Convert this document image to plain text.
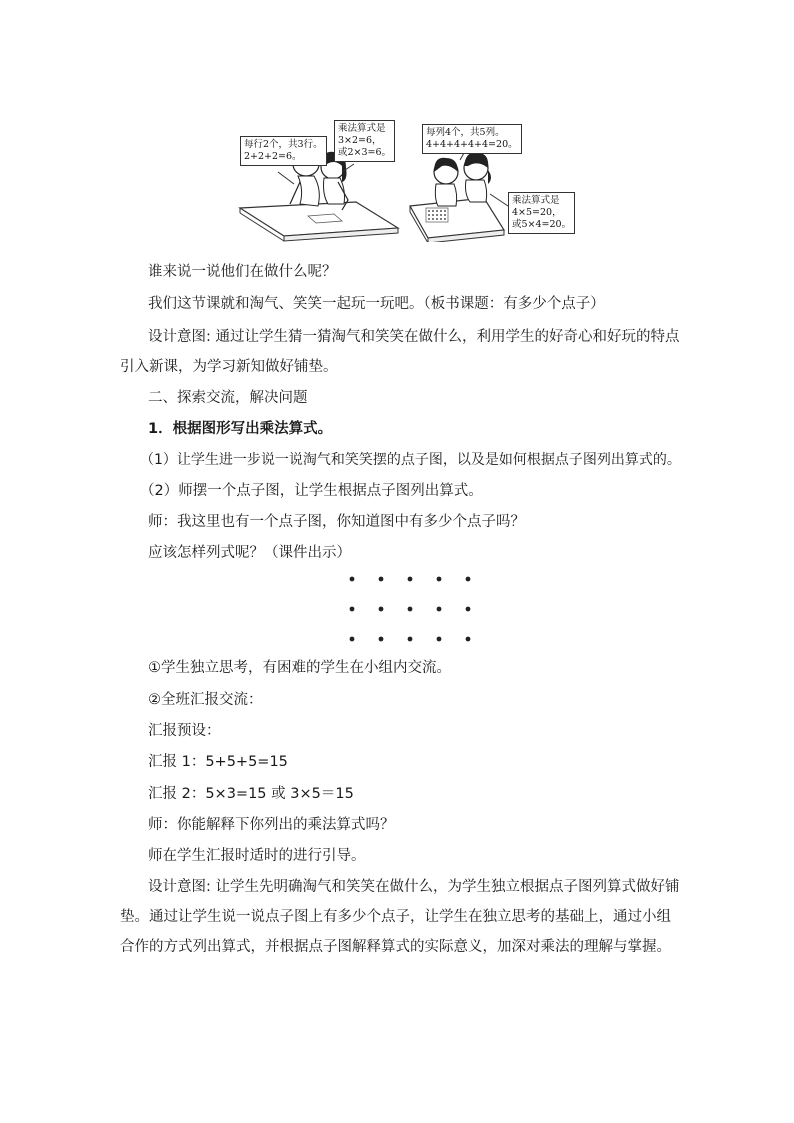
每行2个，共3行。
2+2+2=6。
乘法算式是
3×2=6，
或2×3=6。
每列4个，共5列。
4+4+4+4+4=20。
乘法算式是
4×5=20，
或5×4=20。
谁来说一说他们在做什么呢？
我们这节课就和淘气、笑笑一起玩一玩吧。（板书课题：有多少个点子）
设计意图: 通过让学生猜一猜淘气和笑笑在做什么，利用学生的好奇心和好玩的特点引入新课，为学习新知做好铺垫。
二、探索交流，解决问题
1．根据图形写出乘法算式。
（1）让学生进一步说一说淘气和笑笑摆的点子图，以及是如何根据点子图列出算式的。
（2）师摆一个点子图，让学生根据点子图列出算式。
师：我这里也有一个点子图，你知道图中有多少个点子吗？
应该怎样列式呢？（课件出示）
①学生独立思考，有困难的学生在小组内交流。
②全班汇报交流：
汇报预设：
汇报 1：5+5+5=15
汇报 2：5×3=15 或 3×5＝15
师：你能解释下你列出的乘法算式吗？
师在学生汇报时适时的进行引导。
设计意图: 让学生先明确淘气和笑笑在做什么，为学生独立根据点子图列算式做好铺垫。通过让学生说一说点子图上有多少个点子，让学生在独立思考的基础上，通过小组合作的方式列出算式，并根据点子图解释算式的实际意义，加深对乘法的理解与掌握。
